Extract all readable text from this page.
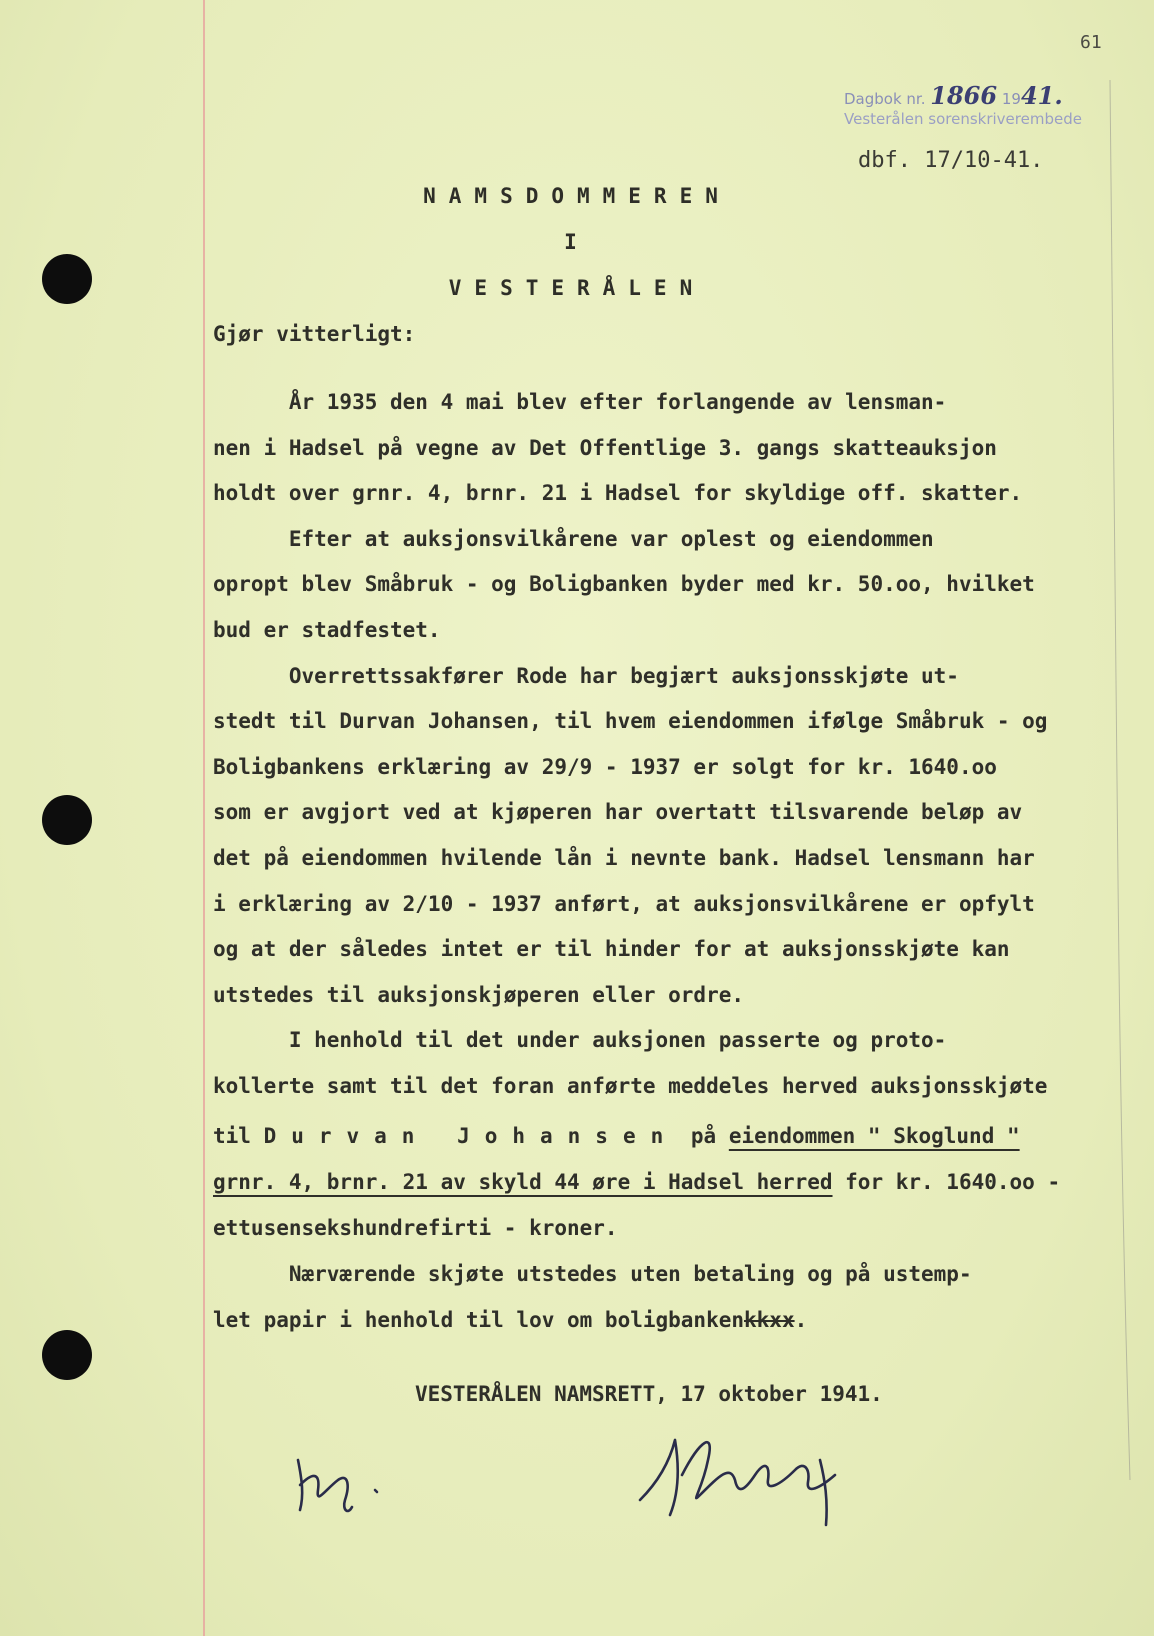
61
Dagbok nr. 1866 1941.
Vesterålen sorenskriverembede
dbf. 17/10-41.
NAMSDOMMEREN
I
VESTERÅLEN
Gjør vitterligt:
År 1935 den 4 mai blev efter forlangende av lensman-
nen i Hadsel på vegne av Det Offentlige 3. gangs skatteauksjon
holdt over grnr. 4, brnr. 21 i Hadsel for skyldige off. skatter.
Efter at auksjonsvilkårene var oplest og eiendommen
opropt blev Småbruk - og Boligbanken byder med kr. 50.oo, hvilket
bud er stadfestet.
Overrettssakfører Rode har begjært auksjonsskjøte ut-
stedt til Durvan Johansen, til hvem eiendommen ifølge Småbruk - og
Boligbankens erklæring av 29/9 - 1937 er solgt for kr. 1640.oo
som er avgjort ved at kjøperen har overtatt tilsvarende beløp av
det på eiendommen hvilende lån i nevnte bank. Hadsel lensmann har
i erklæring av 2/10 - 1937 anført, at auksjonsvilkårene er opfylt
og at der således intet er til hinder for at auksjonsskjøte kan
utstedes til auksjonskjøperen eller ordre.
I henhold til det under auksjonen passerte og proto-
kollerte samt til det foran anførte meddeles herved auksjonsskjøte
til Durvan Johansen på eiendommen " Skoglund "
grnr. 4, brnr. 21 av skyld 44 øre i Hadsel herred for kr. 1640.oo -
ettusensekshundrefirti - kroner.
Nærværende skjøte utstedes uten betaling og på ustemp-
let papir i henhold til lov om boligbankenkkxx.
VESTERÅLEN NAMSRETT, 17 oktober 1941.
